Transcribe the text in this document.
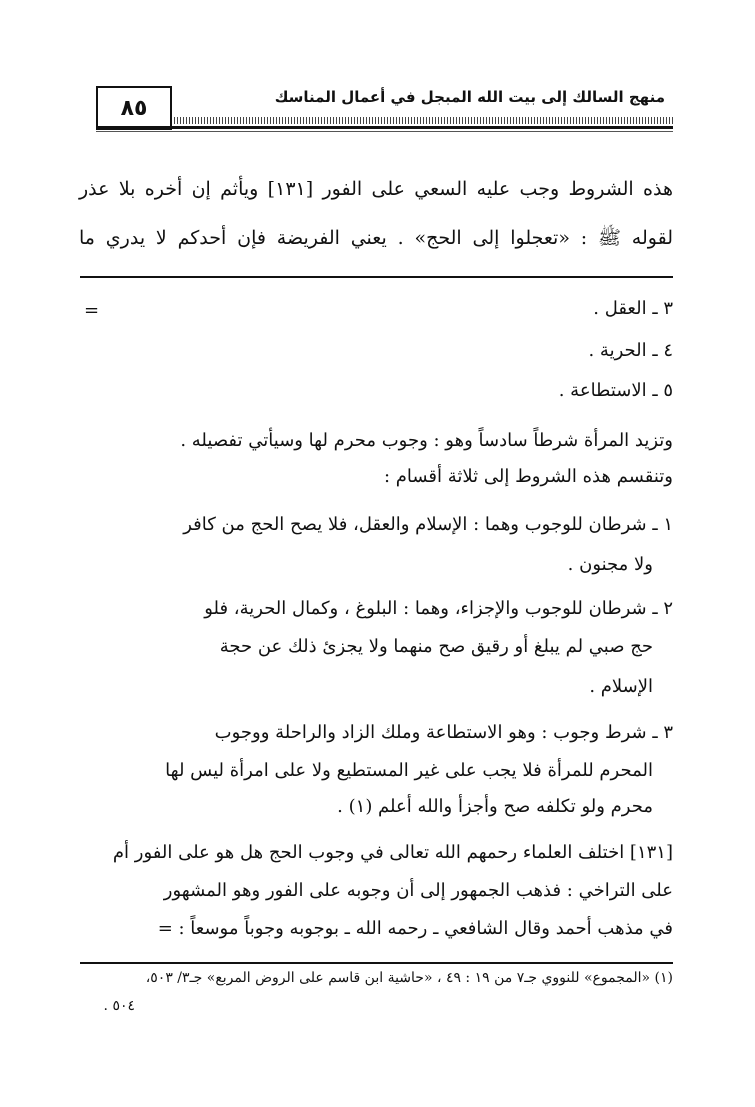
منهج السالك إلى بيت الله المبجل في أعمال المناسك
٨٥
هذه الشروط وجب عليه السعي على الفور [١٣١] ويأثم إن أخره بلا عذر
لقوله ﷺ : «تعجلوا إلى الحج» . يعني الفريضة فإن أحدكم لا يدري ما
=	٣ ـ العقل .
٤ ـ الحرية .
٥ ـ الاستطاعة .
وتزيد المرأة شرطاً سادساً وهو : وجوب محرم لها وسيأتي تفصيله .
وتنقسم هذه الشروط إلى ثلاثة أقسام :
١ ـ شرطان للوجوب وهما : الإسلام والعقل، فلا يصح الحج من كافر
ولا مجنون .
٢ ـ شرطان للوجوب والإجزاء، وهما : البلوغ ، وكمال الحرية، فلو
حج صبي لم يبلغ أو رقيق صح منهما ولا يجزئ ذلك عن حجة
الإسلام .
٣ ـ شرط وجوب : وهو الاستطاعة وملك الزاد والراحلة ووجوب
المحرم للمرأة فلا يجب على غير المستطيع ولا على امرأة ليس لها
محرم ولو تكلفه صح وأجزأ والله أعلم (١) .
[١٣١] اختلف العلماء رحمهم الله تعالى في وجوب الحج هل هو على الفور أم
على التراخي : فذهب الجمهور إلى أن وجوبه على الفور وهو المشهور
في مذهب أحمد وقال الشافعي ـ رحمه الله ـ بوجوبه وجوباً موسعاً : =
(١) «المجموع» للنووي جـ٧ من ١٩ : ٤٩ ، «حاشية ابن قاسم على الروض المربع» جـ٣/ ٥٠٣،
٥٠٤ .
